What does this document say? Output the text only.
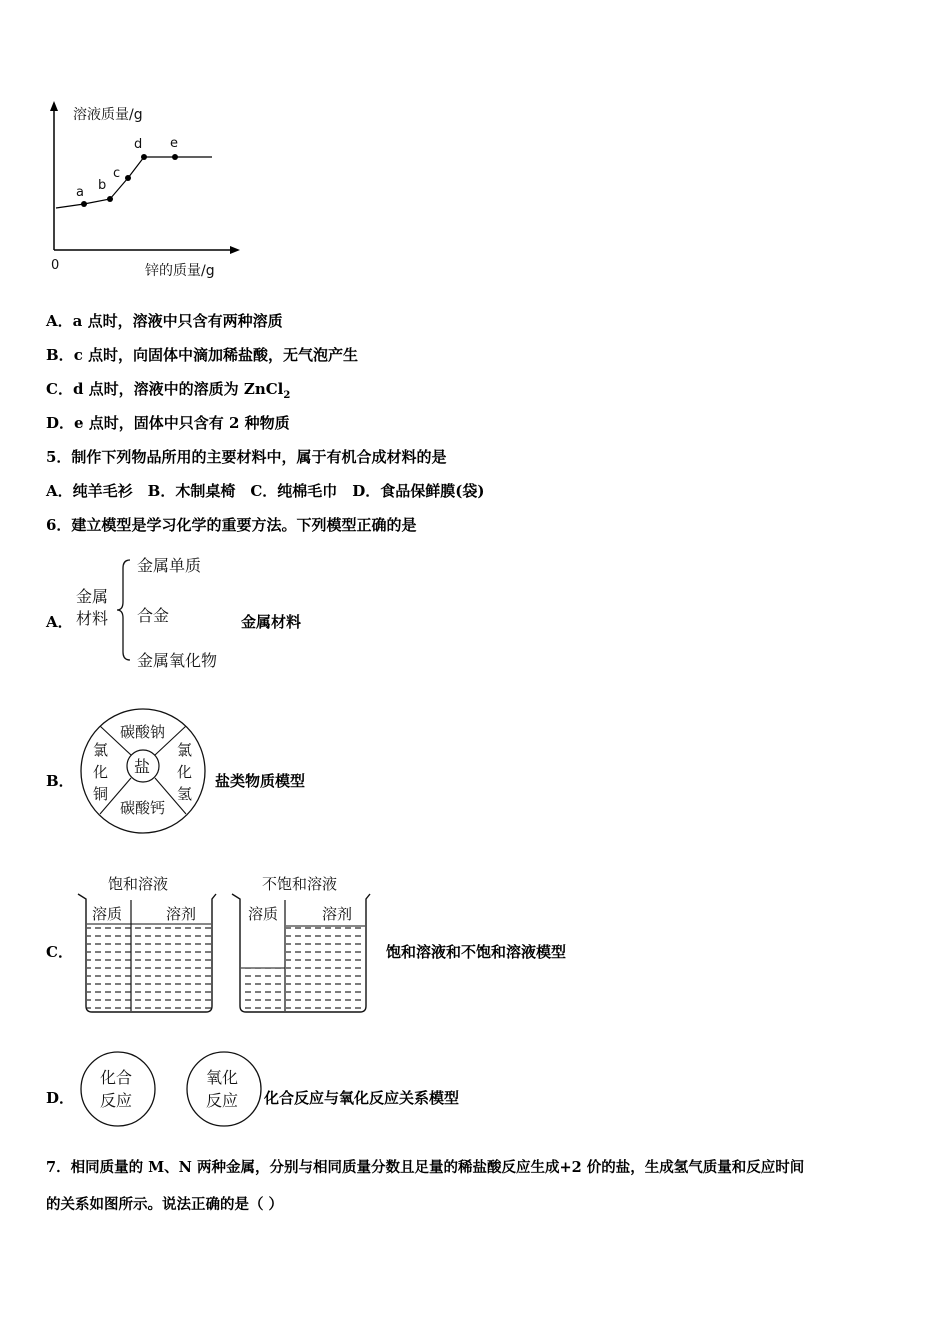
a b
c
d e
溶液质量/g
0	锌的质量/g
A．a 点时，溶液中只含有两种溶质
B．c 点时，向固体中滴加稀盐酸，无气泡产生
C．d 点时，溶液中的溶质为 ZnCl$_2$
D．e 点时，固体中只含有 2 种物质
5．制作下列物品所用的主要材料中，属于有机合成材料的是
A．纯羊毛衫　B．木制桌椅　C．纯棉毛巾　D．食品保鲜膜(袋)
6．建立模型是学习化学的重要方法。下列模型正确的是
A．
金属
材料
金属单质
合金
金属氧化物
金属材料
B．
盐
碳酸钠
碳酸钙
氯
化
铜
氯
化
氢
盐类物质模型
C．
饱和溶液
溶质	溶剂
不饱和溶液
溶质	溶剂
饱和溶液和不饱和溶液模型
D．
化合
反应
氧化
反应 化合反应与氧化反应关系模型
7．相同质量的 M、N 两种金属，分别与相同质量分数且足量的稀盐酸反应生成+2 价的盐，生成氢气质量和反应时间
的关系如图所示。说法正确的是（ ）
